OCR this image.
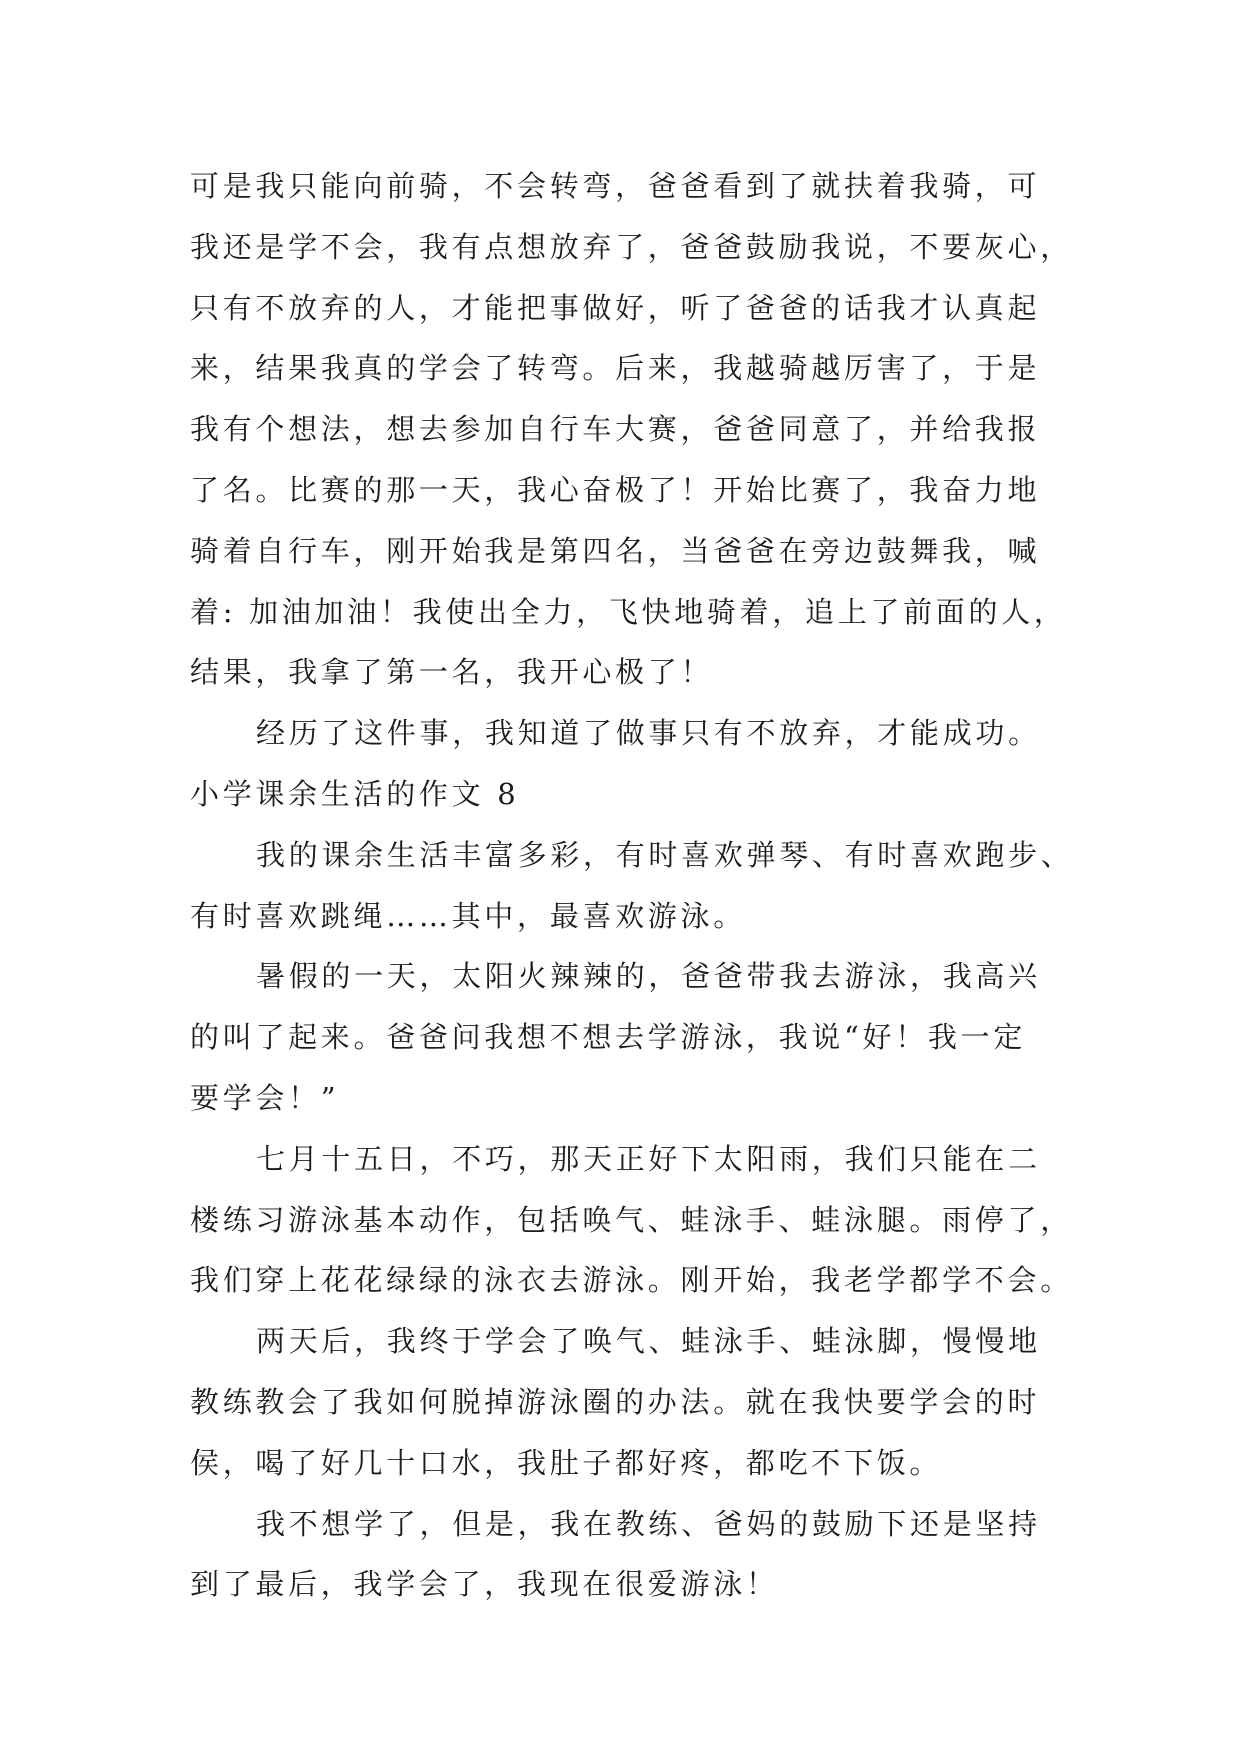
可是我只能向前骑，不会转弯，爸爸看到了就扶着我骑，可
我还是学不会，我有点想放弃了，爸爸鼓励我说，不要灰心，
只有不放弃的人，才能把事做好，听了爸爸的话我才认真起
来，结果我真的学会了转弯。后来，我越骑越厉害了，于是
我有个想法，想去参加自行车大赛，爸爸同意了，并给我报
了名。比赛的那一天，我心奋极了！开始比赛了，我奋力地
骑着自行车，刚开始我是第四名，当爸爸在旁边鼓舞我，喊
着: 加油加油！我使出全力，飞快地骑着，追上了前面的人，
结果，我拿了第一名，我开心极了！
经历了这件事，我知道了做事只有不放弃，才能成功。
小学课余生活的作文 8
我的课余生活丰富多彩，有时喜欢弹琴、有时喜欢跑步、
有时喜欢跳绳……其中，最喜欢游泳。
暑假的一天，太阳火辣辣的，爸爸带我去游泳，我高兴
的叫了起来。爸爸问我想不想去学游泳，我说“好！我一定
要学会！”
七月十五日，不巧，那天正好下太阳雨，我们只能在二
楼练习游泳基本动作，包括唤气、蛙泳手、蛙泳腿。雨停了，
我们穿上花花绿绿的泳衣去游泳。刚开始，我老学都学不会。
两天后，我终于学会了唤气、蛙泳手、蛙泳脚，慢慢地
教练教会了我如何脱掉游泳圈的办法。就在我快要学会的时
侯，喝了好几十口水，我肚子都好疼，都吃不下饭。
我不想学了，但是，我在教练、爸妈的鼓励下还是坚持
到了最后，我学会了，我现在很爱游泳！
